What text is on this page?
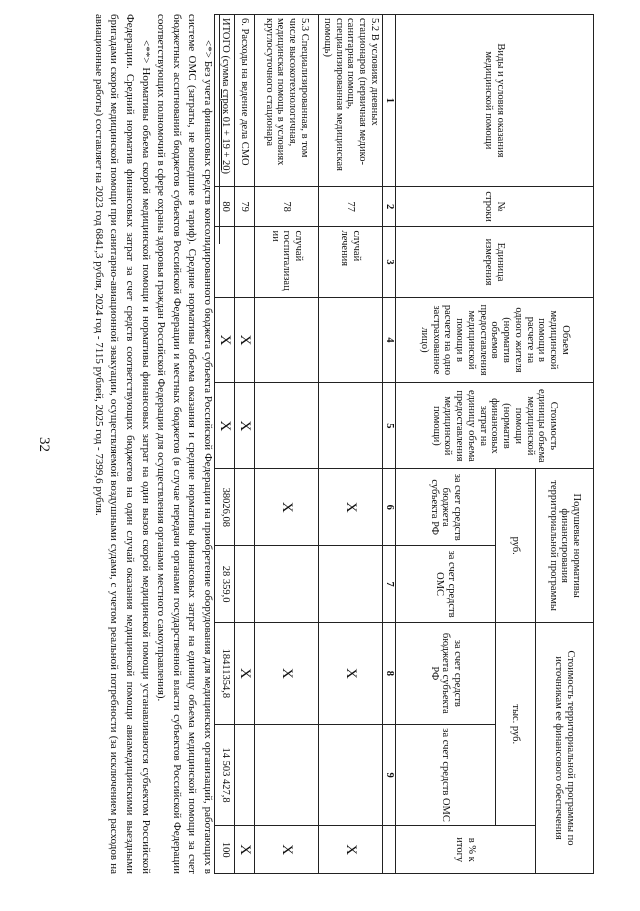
32
Виды и условия оказания медицинской помощи	№ строки	Единица измерения	Объем медицинской помощи в расчете на одного жителя (норматив объемов предоставления медицинской помощи в расчете на одно застрахованное лицо)	Стоимость единицы объема медицинской помощи (норматив финансовых затрат на единицу объема предоставления медицинской помощи)	Подушевые нормативы финансирования территориальной программы		Стоимость территориальной программы по источникам ее финансового обеспечения		
					руб.		тыс. руб.		в % к итогу

					за счет средств бюджета субъекта РФ	за счет средств ОМС	за счет средств бюджета субъекта РФ	за счет средств ОМС	
1	2	3	4	5	6	7	8	9	
5.2 В условиях дневных стационаров (первичная медико-санитарная помощь, специализированная медицинская помощь)	77	случай лечения			X		X		X
5.3 Специализированная, в том числе высокотехнологичная, медицинская помощь в условиях круглосуточного стационара	78	случай госпитализации			X		X		X
6. Расходы на ведение дела СМО	79		X	X			X		X
ИТОГО (сумма строк 01 + 19 + 20)	80		X	X	38026,08	28 359,0	18411354,8	14 503 427,8	100

<*> Без учета финансовых средств консолидированного бюджета субъекта Российской Федерации на приобретение оборудования для медицинских организаций, работающих в системе ОМС (затраты, не вошедшие в тариф). Средние нормативы объема оказания и средние нормативы финансовых затрат на единицу объема медицинской помощи за счет бюджетных ассигнований бюджетов субъектов Российской Федерации и местных бюджетов (в случае передачи органами государственной власти субъектов Российской Федерации соответствующих полномочий в сфере охраны здоровья граждан Российской Федерации для осуществления органами местного самоуправления).

<**> Нормативы объема скорой медицинской помощи и нормативы финансовых затрат на один вызов скорой медицинской помощи устанавливаются субъектом Российской Федерации. Средний норматив финансовых затрат за счет средств соответствующих бюджетов на один случай оказания медицинской помощи авиамедицинскими выездными бригадами скорой медицинской помощи при санитарно-авиационной эвакуации, осуществляемой воздушными судами, с учетом реальной потребности (за исключением расходов на авиационные работы) составляет на 2023 год 6841,3 рубля, 2024 год - 7115 рублей, 2025 год - 7399,6 рубля.
